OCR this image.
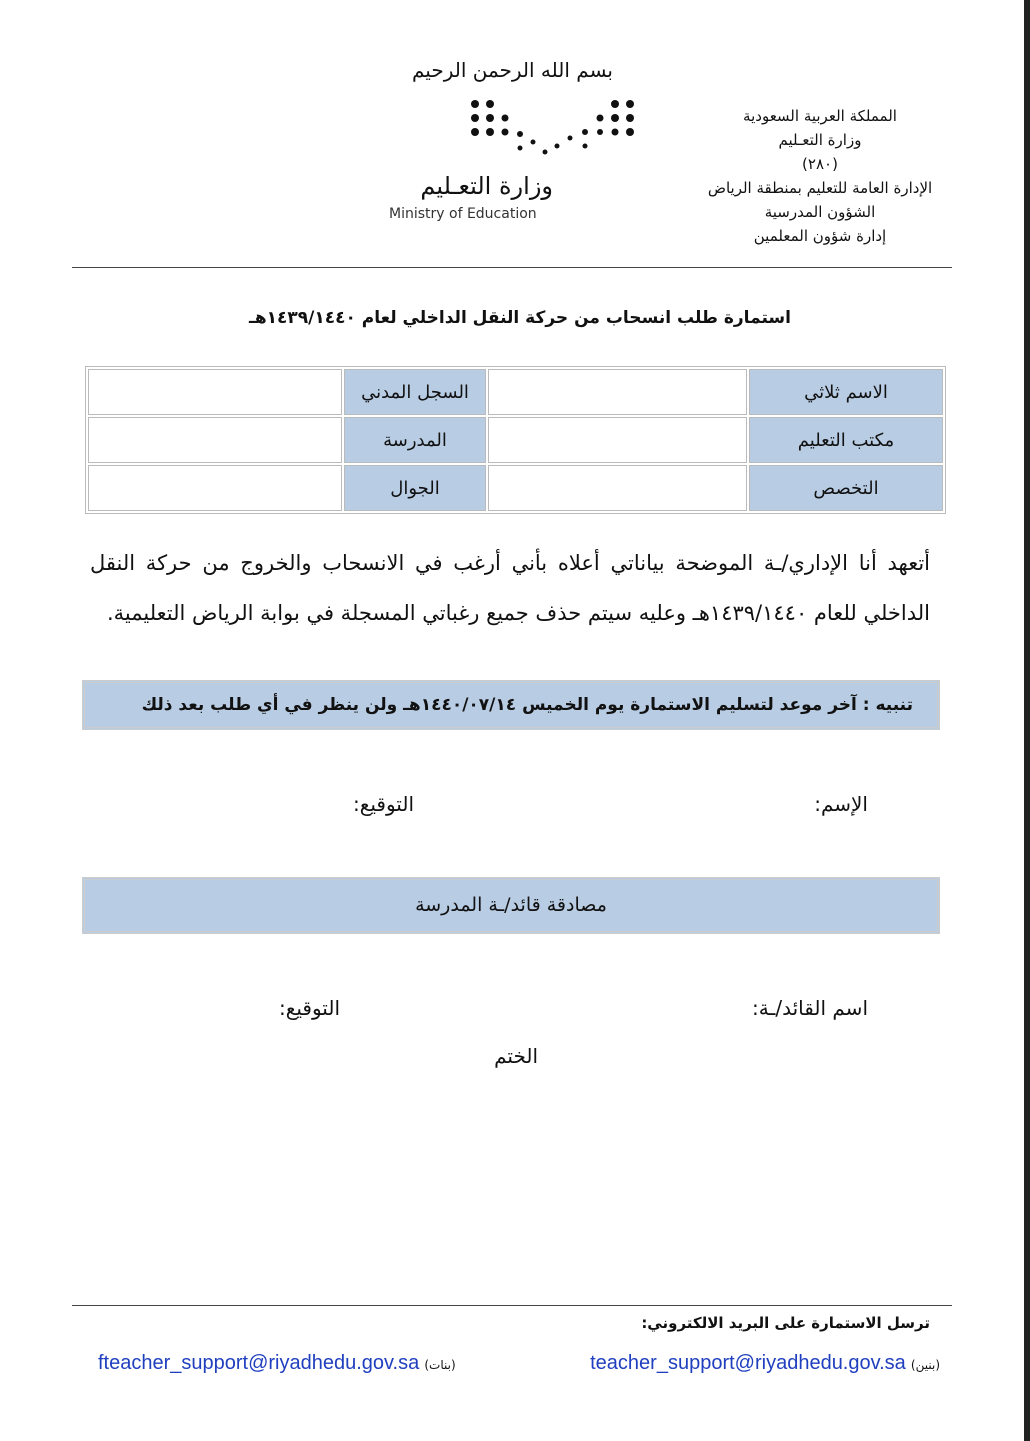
بسم الله الرحمن الرحيم
وزارة التعـليم
Ministry of Education
المملكة العربية السعودية
وزارة التعـليم
(٢٨٠)
الإدارة العامة للتعليم بمنطقة الرياض
الشؤون المدرسية
إدارة شؤون المعلمين
استمارة طلب انسحاب من حركة النقل الداخلي لعام ١٤٣٩/١٤٤٠هـ
الاسم ثلاثي		السجل المدني	
مكتب التعليم		المدرسة	
التخصص		الجوال	
أتعهد أنا الإداري/ـة الموضحة بياناتي أعلاه بأني أرغب في الانسحاب والخروج من حركة النقل الداخلي للعام ١٤٣٩/١٤٤٠هـ وعليه سيتم حذف جميع رغباتي المسجلة في بوابة الرياض التعليمية.
تنبيه : آخر موعد لتسليم الاستمارة يوم الخميس ١٤٤٠/٠٧/١٤هـ ولن ينظر في أي طلب بعد ذلك
الإسم:
التوقيع:
مصادقة قائد/ـة المدرسة
اسم القائد/ـة:
التوقيع:
الختم
ترسل الاستمارة على البريد الالكتروني:
teacher_support@riyadhedu.gov.sa (بنين)
fteacher_support@riyadhedu.gov.sa (بنات)
